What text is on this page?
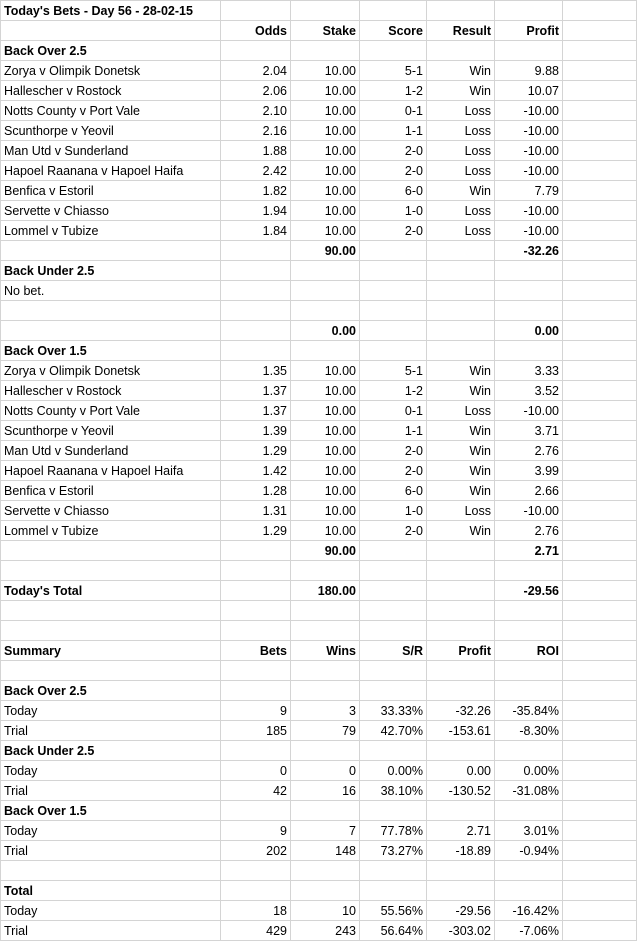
Today's Bets - Day 56 - 28-02-15						
	Odds	Stake	Score	Result	Profit	
Back Over 2.5						
Zorya v Olimpik Donetsk	2.04	10.00	5-1	Win	9.88	
Hallescher v Rostock	2.06	10.00	1-2	Win	10.07	
Notts County v Port Vale	2.10	10.00	0-1	Loss	-10.00	
Scunthorpe v Yeovil	2.16	10.00	1-1	Loss	-10.00	
Man Utd v Sunderland	1.88	10.00	2-0	Loss	-10.00	
Hapoel Raanana v Hapoel Haifa	2.42	10.00	2-0	Loss	-10.00	
Benfica v Estoril	1.82	10.00	6-0	Win	7.79	
Servette v Chiasso	1.94	10.00	1-0	Loss	-10.00	
Lommel v Tubize	1.84	10.00	2-0	Loss	-10.00	
		90.00			-32.26	
Back Under 2.5						
No bet.						

		0.00			0.00	
Back Over 1.5						
Zorya v Olimpik Donetsk	1.35	10.00	5-1	Win	3.33	
Hallescher v Rostock	1.37	10.00	1-2	Win	3.52	
Notts County v Port Vale	1.37	10.00	0-1	Loss	-10.00	
Scunthorpe v Yeovil	1.39	10.00	1-1	Win	3.71	
Man Utd v Sunderland	1.29	10.00	2-0	Win	2.76	
Hapoel Raanana v Hapoel Haifa	1.42	10.00	2-0	Win	3.99	
Benfica v Estoril	1.28	10.00	6-0	Win	2.66	
Servette v Chiasso	1.31	10.00	1-0	Loss	-10.00	
Lommel v Tubize	1.29	10.00	2-0	Win	2.76	
		90.00			2.71	

Today's Total		180.00			-29.56	

Summary	Bets	Wins	S/R	Profit	ROI	

Back Over 2.5						
Today	9	3	33.33%	-32.26	-35.84%	
Trial	185	79	42.70%	-153.61	-8.30%	
Back Under 2.5						
Today	0	0	0.00%	0.00	0.00%	
Trial	42	16	38.10%	-130.52	-31.08%	
Back Over 1.5						
Today	9	7	77.78%	2.71	3.01%	
Trial	202	148	73.27%	-18.89	-0.94%	

Total						
Today	18	10	55.56%	-29.56	-16.42%	
Trial	429	243	56.64%	-303.02	-7.06%	
